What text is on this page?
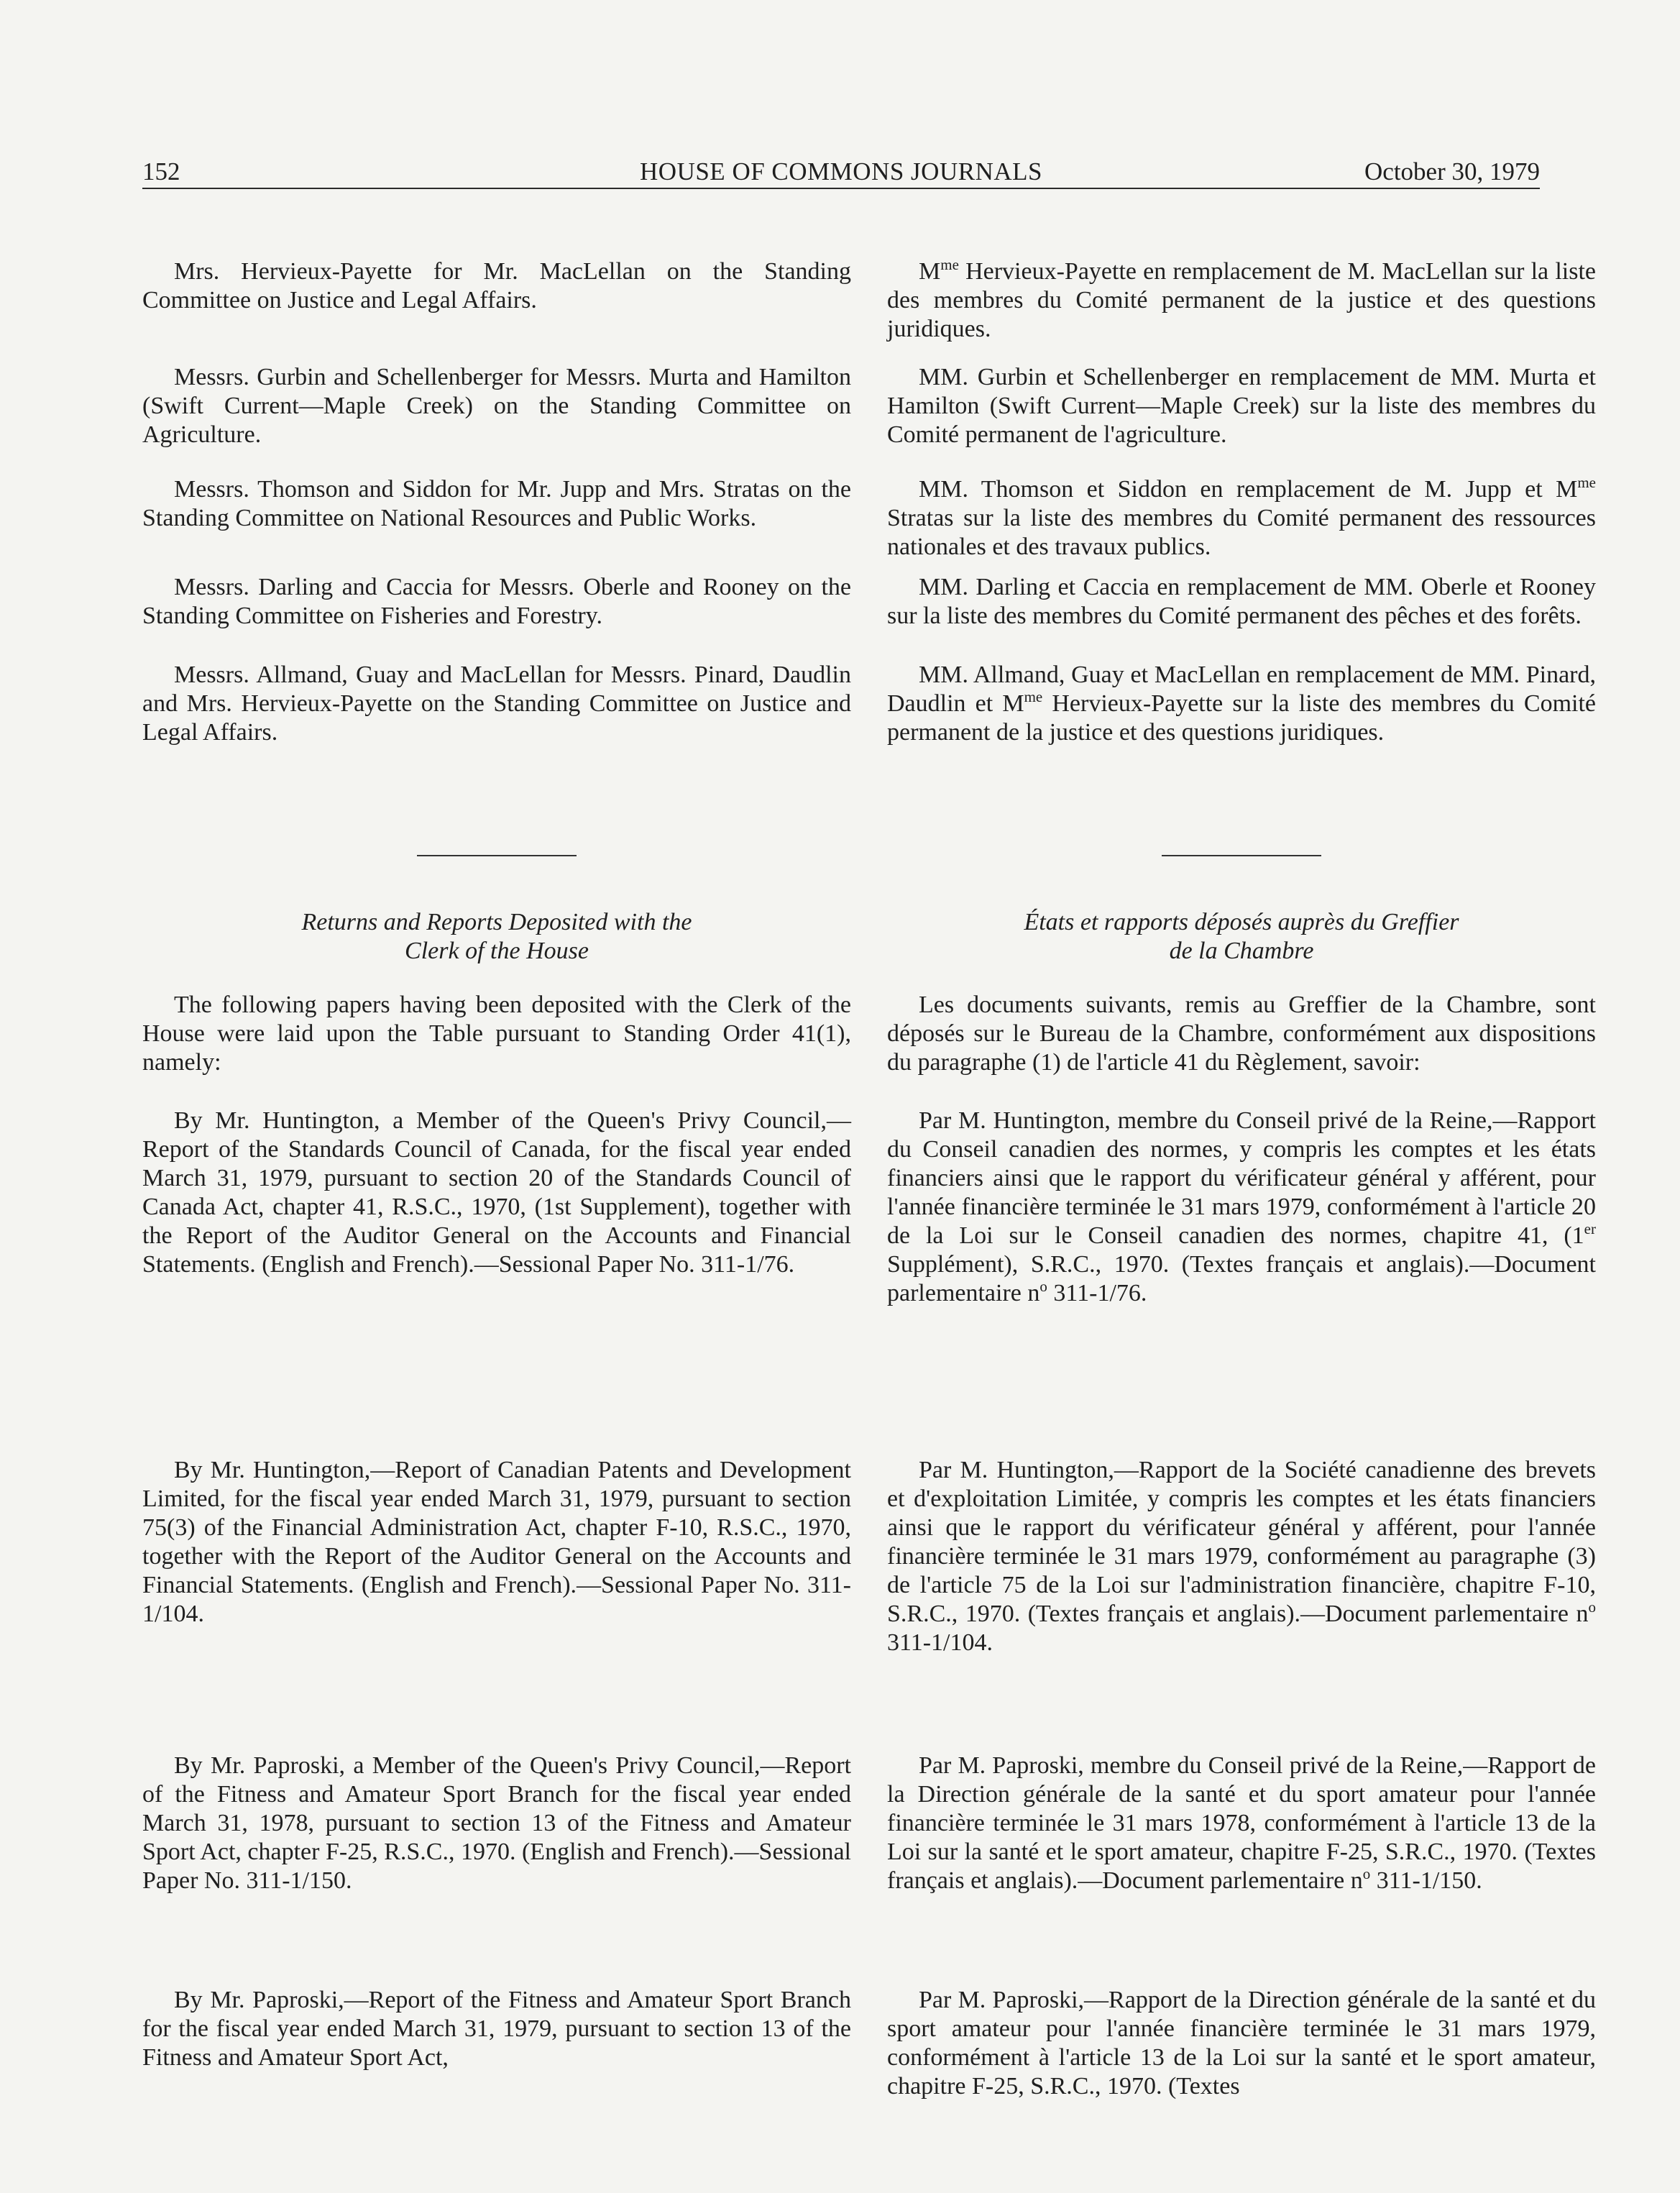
152	HOUSE OF COMMONS JOURNALS	October 30, 1979

Mrs. Hervieux-Payette for Mr. MacLellan on the Standing Committee on Justice and Legal Affairs.

Messrs. Gurbin and Schellenberger for Messrs. Murta and Hamilton (Swift Current—Maple Creek) on the Standing Committee on Agriculture.

Messrs. Thomson and Siddon for Mr. Jupp and Mrs. Stratas on the Standing Committee on National Resources and Public Works.

Messrs. Darling and Caccia for Messrs. Oberle and Rooney on the Standing Committee on Fisheries and Forestry.

Messrs. Allmand, Guay and MacLellan for Messrs. Pinard, Daudlin and Mrs. Hervieux-Payette on the Standing Committee on Justice and Legal Affairs.

Returns and Reports Deposited with the
Clerk of the House

The following papers having been deposited with the Clerk of the House were laid upon the Table pursuant to Standing Order 41(1), namely:

By Mr. Huntington, a Member of the Queen's Privy Council,—Report of the Standards Council of Canada, for the fiscal year ended March 31, 1979, pursuant to section 20 of the Standards Council of Canada Act, chapter 41, R.S.C., 1970, (1st Supplement), together with the Report of the Auditor General on the Accounts and Financial Statements. (English and French).—Sessional Paper No. 311-1/76.

By Mr. Huntington,—Report of Canadian Patents and Development Limited, for the fiscal year ended March 31, 1979, pursuant to section 75(3) of the Financial Administration Act, chapter F-10, R.S.C., 1970, together with the Report of the Auditor General on the Accounts and Financial Statements. (English and French).—Sessional Paper No. 311-1/104.

By Mr. Paproski, a Member of the Queen's Privy Council,—Report of the Fitness and Amateur Sport Branch for the fiscal year ended March 31, 1978, pursuant to section 13 of the Fitness and Amateur Sport Act, chapter F-25, R.S.C., 1970. (English and French).—Sessional Paper No. 311-1/150.

By Mr. Paproski,—Report of the Fitness and Amateur Sport Branch for the fiscal year ended March 31, 1979, pursuant to section 13 of the Fitness and Amateur Sport Act,

$M^{me}$ Hervieux-Payette en remplacement de M. MacLellan sur la liste des membres du Comité permanent de la justice et des questions juridiques.

MM. Gurbin et Schellenberger en remplacement de MM. Murta et Hamilton (Swift Current—Maple Creek) sur la liste des membres du Comité permanent de l'agriculture.

MM. Thomson et Siddon en remplacement de M. Jupp et $M^{me}$ Stratas sur la liste des membres du Comité permanent des ressources nationales et des travaux publics.

MM. Darling et Caccia en remplacement de MM. Oberle et Rooney sur la liste des membres du Comité permanent des pêches et des forêts.

MM. Allmand, Guay et MacLellan en remplacement de MM. Pinard, Daudlin et $M^{me}$ Hervieux-Payette sur la liste des membres du Comité permanent de la justice et des questions juridiques.

États et rapports déposés auprès du Greffier
de la Chambre

Les documents suivants, remis au Greffier de la Chambre, sont déposés sur le Bureau de la Chambre, conformément aux dispositions du paragraphe (1) de l'article 41 du Règlement, savoir:

Par M. Huntington, membre du Conseil privé de la Reine,—Rapport du Conseil canadien des normes, y compris les comptes et les états financiers ainsi que le rapport du vérificateur général y afférent, pour l'année financière terminée le 31 mars 1979, conformément à l'article 20 de la Loi sur le Conseil canadien des normes, chapitre 41, (1er Supplément), S.R.C., 1970. (Textes français et anglais).—Document parlementaire $n^o$ 311-1/76.

Par M. Huntington,—Rapport de la Société canadienne des brevets et d'exploitation Limitée, y compris les comptes et les états financiers ainsi que le rapport du vérificateur général y afférent, pour l'année financière terminée le 31 mars 1979, conformément au paragraphe (3) de l'article 75 de la Loi sur l'administration financière, chapitre F-10, S.R.C., 1970. (Textes français et anglais).—Document parlementaire $n^o$ 311-1/104.

Par M. Paproski, membre du Conseil privé de la Reine,—Rapport de la Direction générale de la santé et du sport amateur pour l'année financière terminée le 31 mars 1978, conformément à l'article 13 de la Loi sur la santé et le sport amateur, chapitre F-25, S.R.C., 1970. (Textes français et anglais).—Document parlementaire $n^o$ 311-1/150.

Par M. Paproski,—Rapport de la Direction générale de la santé et du sport amateur pour l'année financière terminée le 31 mars 1979, conformément à l'article 13 de la Loi sur la santé et le sport amateur, chapitre F-25, S.R.C., 1970. (Textes
